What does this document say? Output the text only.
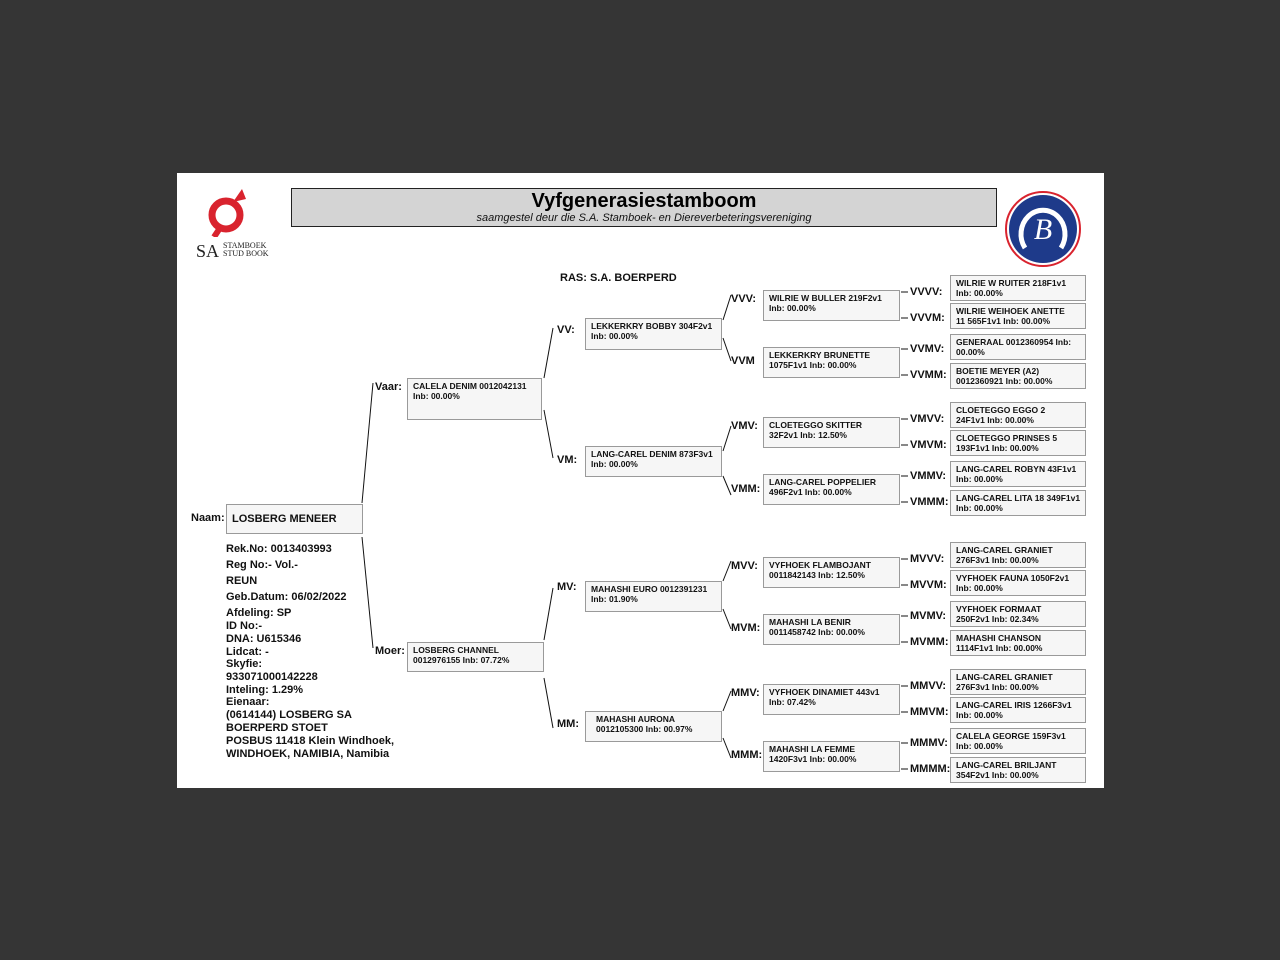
SA STAMBOEK
STUD BOOK
Vyfgenerasiestamboom
saamgestel deur die S.A. Stamboek- en Diereverbeteringsvereniging	B
RAS: S.A. BOERPERD
Naam: LOSBERG MENEER
Rek.No: 0013403993
Reg No:- Vol.-
REUN
Geb.Datum: 06/02/2022
Afdeling: SP
ID No:-
DNA: U615346
Lidcat: -
Skyfie:
933071000142228
Inteling: 1.29%
Eienaar:
(0614144) LOSBERG SA
BOERPERD STOET
POSBUS 11418 Klein Windhoek,
WINDHOEK, NAMIBIA, Namibia
Vaar: CALELA DENIM 0012042131
Inb: 00.00%
Moer: LOSBERG CHANNEL
0012976155 Inb: 07.72%
VV: LEKKERKRY BOBBY 304F2v1
Inb: 00.00%
VM: LANG-CAREL DENIM 873F3v1
Inb: 00.00%
MV: MAHASHI EURO 0012391231
Inb: 01.90%
MM: MAHASHI AURONA
0012105300 Inb: 00.97%
VVV: WILRIE W BULLER 219F2v1
Inb: 00.00%
VVM LEKKERKRY BRUNETTE
1075F1v1 Inb: 00.00%
VMV: CLOETEGGO SKITTER
32F2v1 Inb: 12.50%
VMM:
LANG-CAREL POPPELIER
496F2v1 Inb: 00.00%
MVV: VYFHOEK FLAMBOJANT
0011842143 Inb: 12.50%
MVM: MAHASHI LA BENIR
0011458742 Inb: 00.00%
MMV: VYFHOEK DINAMIET 443v1
Inb: 07.42%
MMM: MAHASHI LA FEMME
1420F3v1 Inb: 00.00%
VVVV:
WILRIE W RUITER 218F1v1
Inb: 00.00%
VVVM:
WILRIE WEIHOEK ANETTE
11 565F1v1 Inb: 00.00%
VVMV:
GENERAAL 0012360954 Inb:
00.00%
VVMM: BOETIE MEYER (A2)
0012360921 Inb: 00.00%
VMVV:
CLOETEGGO EGGO 2
24F1v1 Inb: 00.00%
VMVM:
CLOETEGGO PRINSES 5
193F1v1 Inb: 00.00%
VMMV:
LANG-CAREL ROBYN 43F1v1
Inb: 00.00%
VMMM: LANG-CAREL LITA 18 349F1v1
Inb: 00.00%
MVVV:
LANG-CAREL GRANIET
276F3v1 Inb: 00.00%
MVVM:
VYFHOEK FAUNA 1050F2v1
Inb: 00.00%
MVMV:
VYFHOEK FORMAAT
250F2v1 Inb: 02.34%
MVMM: MAHASHI CHANSON
1114F1v1 Inb: 00.00%
MMVV:
LANG-CAREL GRANIET
276F3v1 Inb: 00.00%
MMVM:
LANG-CAREL IRIS 1266F3v1
Inb: 00.00%
MMMV:
CALELA GEORGE 159F3v1
Inb: 00.00%
MMMM: LANG-CAREL BRILJANT
354F2v1 Inb: 00.00%
